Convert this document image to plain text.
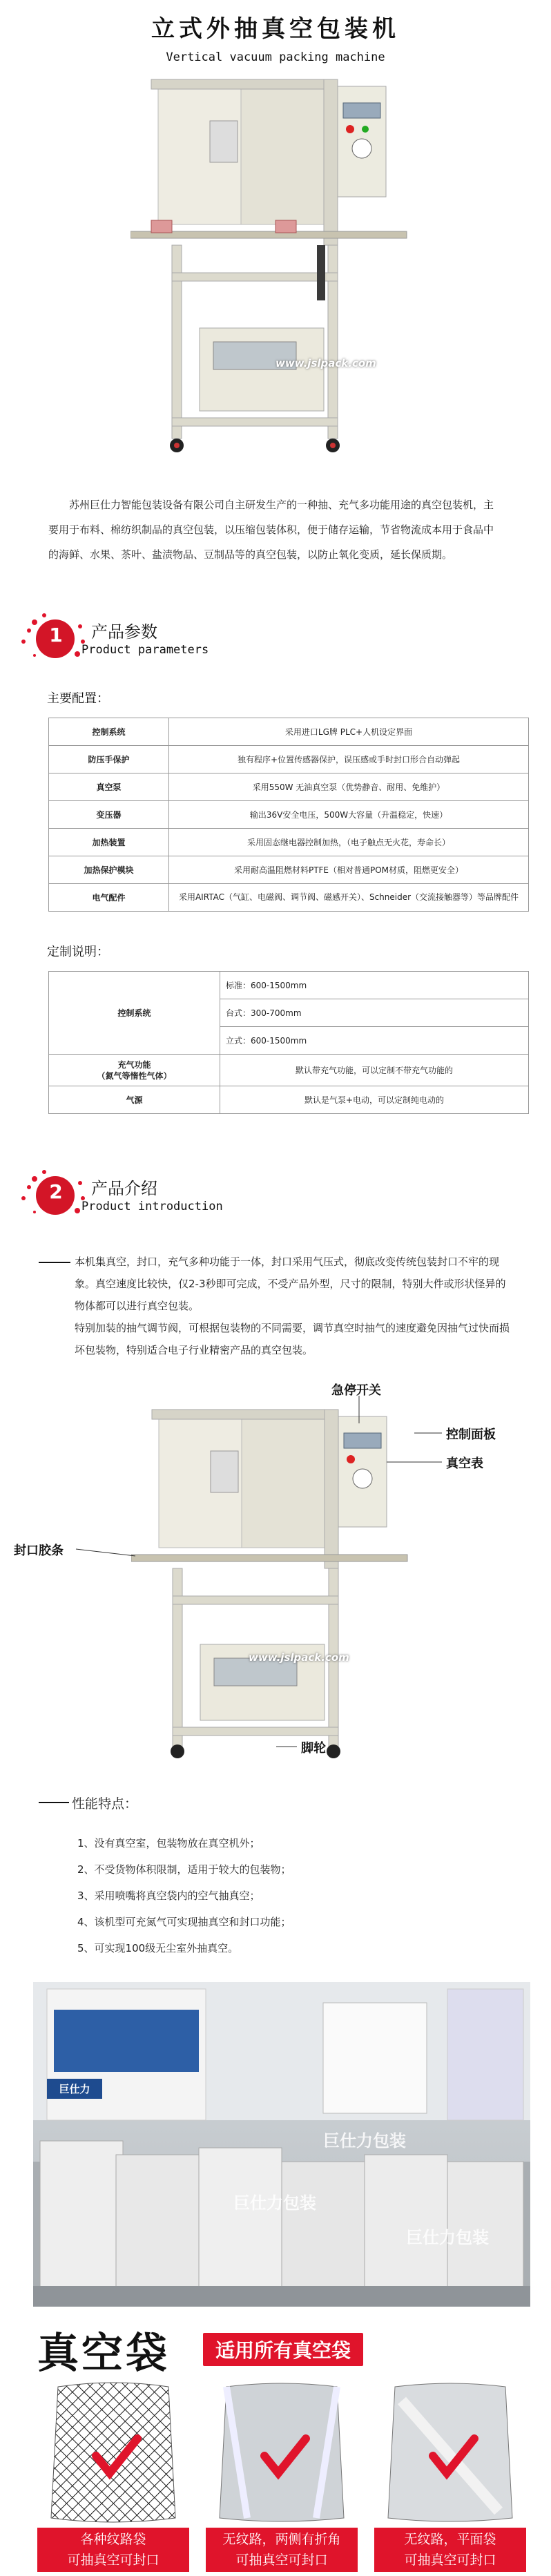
立式外抽真空包装机
Vertical vacuum packing machine
www.jslpack.com
苏州巨仕力智能包装设备有限公司自主研发生产的一种抽、充气多功能用途的真空包装机，主要用于布料、棉纺织制品的真空包装，以压缩包装体积，便于储存运输，节省物流成本用于食品中的海鲜、水果、茶叶、盐渍物品、豆制品等的真空包装，以防止氧化变质，延长保质期。
1 产品参数
Product parameters
主要配置：
控制系统	采用进口LG牌 PLC+人机设定界面
防压手保护	独有程序+位置传感器保护，误压感或手时封口形合自动弹起
真空泵	采用550W 无油真空泵（优势静音、耐用、免维护）
变压器	输出36V安全电压，500W大容量（升温稳定，快速）
加热装置	采用固态继电器控制加热，（电子触点无火花，寿命长）
加热保护模块	采用耐高温阻燃材料PTFE（相对普通POM材质，阻燃更安全）
电气配件	采用AIRTAC（气缸、电磁阀、调节阀、磁感开关）、Schneider（交流接触器等）等品牌配件
定制说明：
控制系统	标准：600-1500mm
	台式：300-700mm
	立式：600-1500mm

充气功能
（氮气等惰性气体）	默认带充气功能，可以定制不带充气功能的
气源	默认是气泵+电动，可以定制纯电动的
2 产品介绍
Product introduction

本机集真空，封口，充气多种功能于一体，封口采用气压式，彻底改变传统包装封口不牢的现象。真空速度比较快，仅2-3秒即可完成，不受产品外型，尺寸的限制，特别大件或形状怪异的物体都可以进行真空包装。

特别加装的抽气调节阀，可根据包装物的不同需要，调节真空时抽气的速度避免因抽气过快而损坏包装物，特别适合电子行业精密产品的真空包装。

急停开关
控制面板
真空表
封口胶条
脚轮
www.jslpack.com
性能特点：
1、没有真空室，包装物放在真空机外；
2、不受货物体积限制，适用于较大的包装物；
3、采用喷嘴将真空袋内的空气抽真空；
4、该机型可充氮气可实现抽真空和封口功能；
5、可实现100级无尘室外抽真空。
巨仕力
巨仕力包装
巨仕力包装
巨仕力包装
真空袋	适用所有真空袋
各种纹路袋
可抽真空可封口
无纹路，两侧有折角
可抽真空可封口
无纹路，平面袋
可抽真空可封口
